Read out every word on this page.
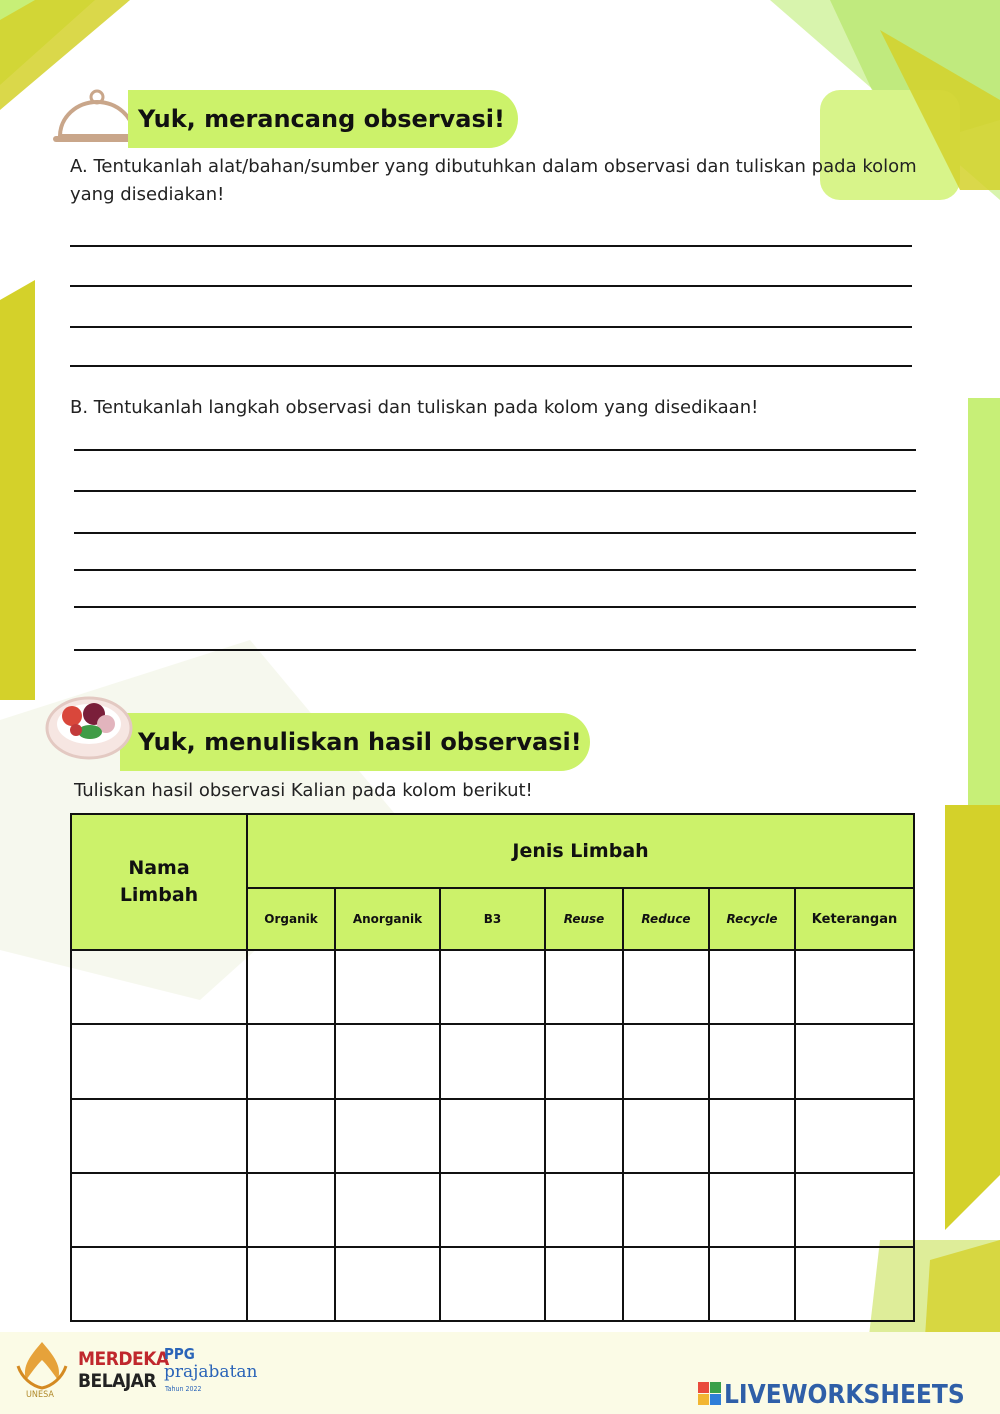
Yuk, merancang observasi!
A. Tentukanlah alat/bahan/sumber yang dibutuhkan dalam observasi dan tuliskan pada kolom yang disediakan!
B. Tentukanlah langkah observasi dan tuliskan pada kolom yang disedikaan!
Yuk, menuliskan hasil observasi!
Tuliskan hasil observasi Kalian pada kolom berikut!
Nama Limbah	Jenis Limbah						
	Organik	Anorganik	B3	Reuse	Reduce	Recycle	Keterangan

UNESA
MERDEKA
BELAJAR
PPG
prajabatan
Tahun 2022	LIVEWORKSHEETS
